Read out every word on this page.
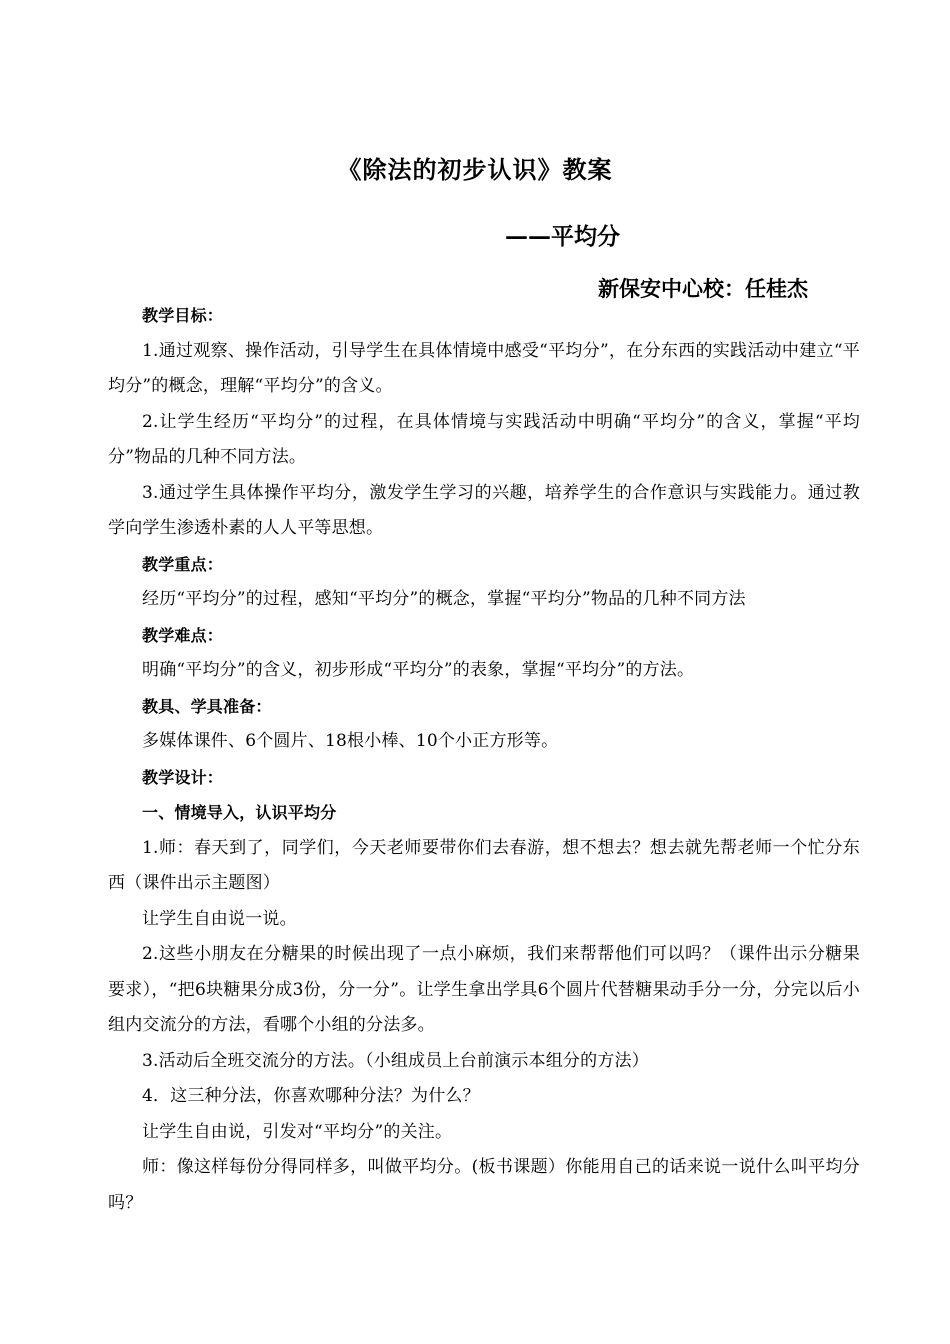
《除法的初步认识》教案
——平均分
新保安中心校：任桂杰

教学目标：

1.通过观察、操作活动，引导学生在具体情境中感受“平均分”，在分东西的实践活动中建立“平均分”的概念，理解“平均分”的含义。

2.让学生经历“平均分”的过程，在具体情境与实践活动中明确“平均分”的含义，掌握“平均分”物品的几种不同方法。

3.通过学生具体操作平均分，激发学生学习的兴趣，培养学生的合作意识与实践能力。通过教学向学生渗透朴素的人人平等思想。

教学重点：

经历“平均分”的过程，感知“平均分”的概念，掌握“平均分”物品的几种不同方法

教学难点：

明确“平均分”的含义，初步形成“平均分”的表象，掌握“平均分”的方法。

教具、学具准备：

多媒体课件、6个圆片、18根小棒、10个小正方形等。

教学设计：

一、情境导入，认识平均分

1.师：春天到了，同学们，今天老师要带你们去春游，想不想去？想去就先帮老师一个忙分东西（课件出示主题图）

让学生自由说一说。

2.这些小朋友在分糖果的时候出现了一点小麻烦，我们来帮帮他们可以吗？（课件出示分糖果要求），“把6块糖果分成3份，分一分”。让学生拿出学具6个圆片代替糖果动手分一分，分完以后小组内交流分的方法，看哪个小组的分法多。

3.活动后全班交流分的方法。（小组成员上台前演示本组分的方法）

4．这三种分法，你喜欢哪种分法？为什么？

让学生自由说，引发对“平均分”的关注。

师：像这样每份分得同样多，叫做平均分。(板书课题）你能用自己的话来说一说什么叫平均分吗？
